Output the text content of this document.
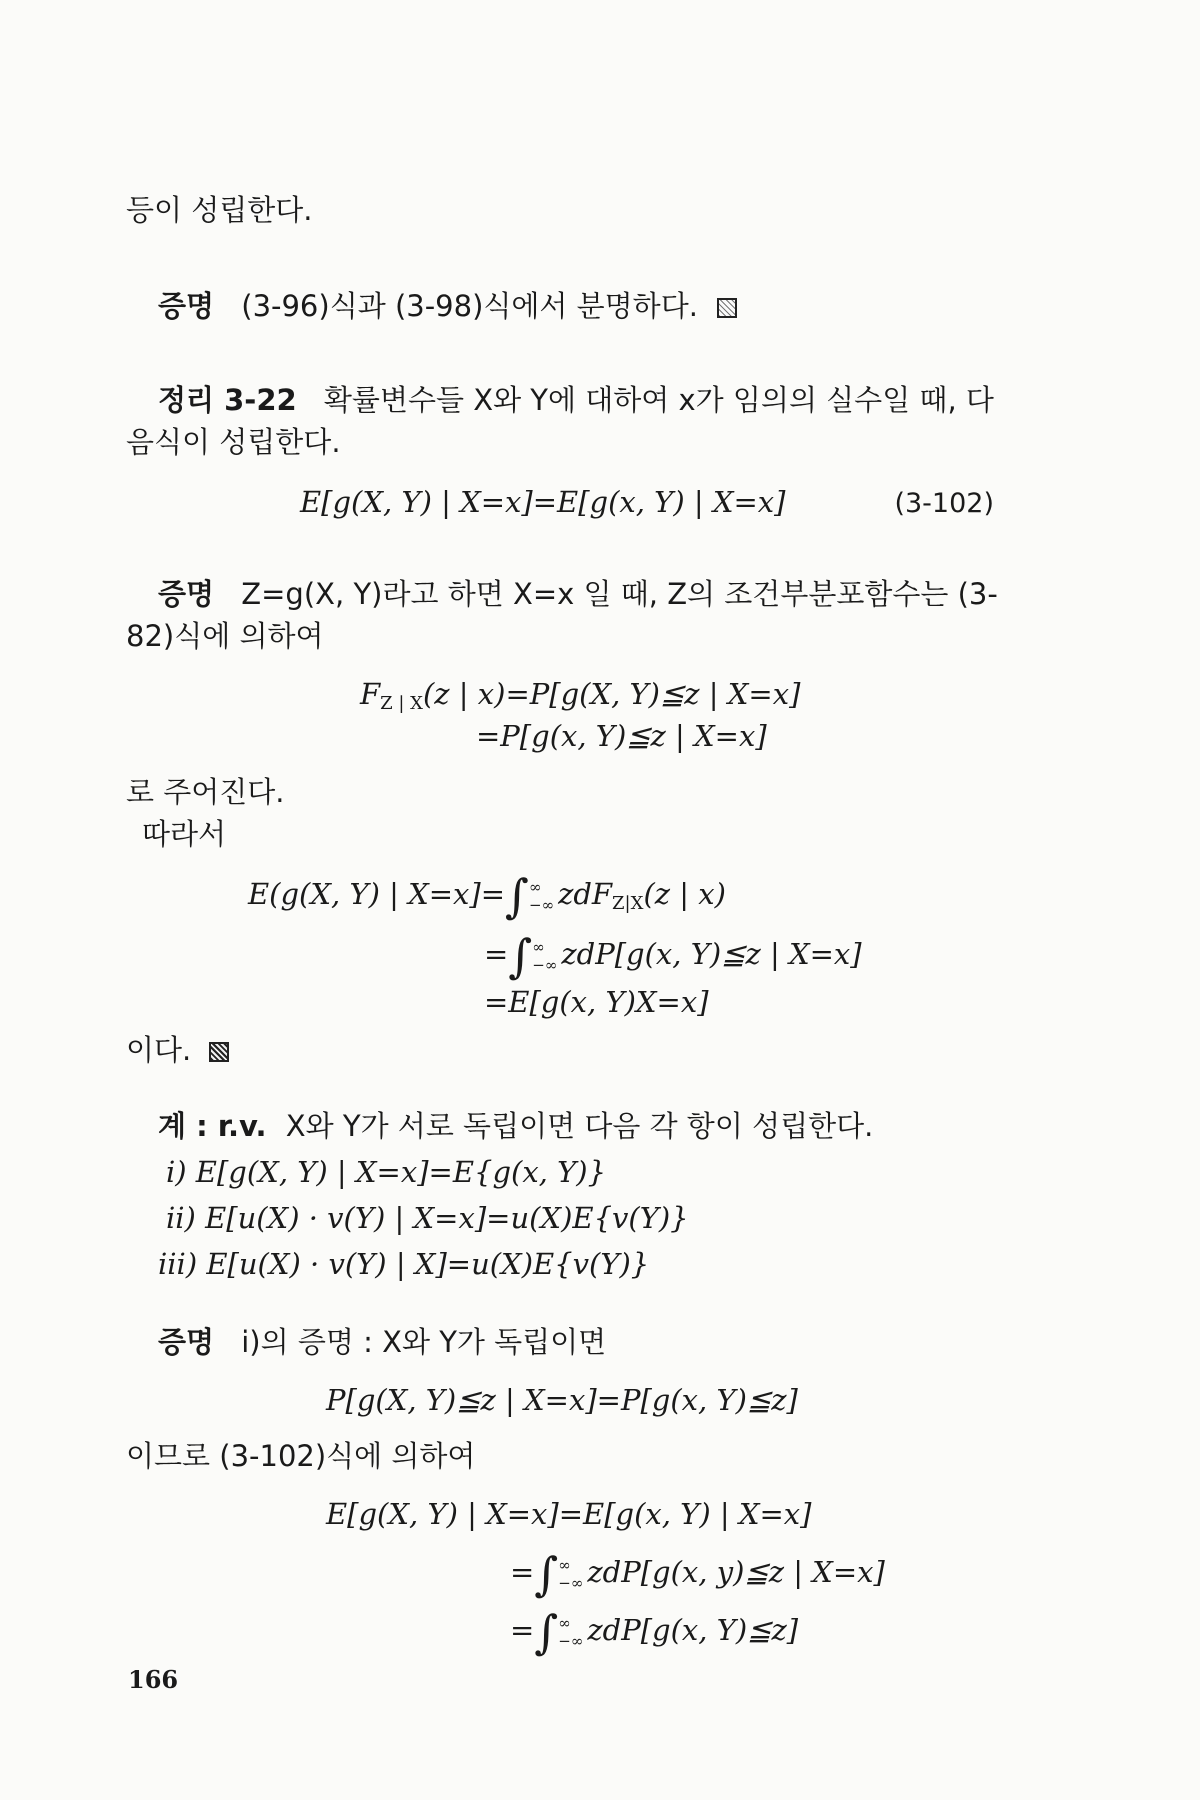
등이 성립한다.
증명 (3-96)식과 (3-98)식에서 분명하다.
정리 3-22 확률변수들 X와 Y에 대하여 x가 임의의 실수일 때, 다
음식이 성립한다.
E[g(X, Y) | X=x]=E[g(x, Y) | X=x]	(3-102)
증명 Z=g(X, Y)라고 하면 X=x 일 때, Z의 조건부분포함수는 (3-
82)식에 의하여
$F_{Z | X}(z$ | x)=P[g(X, Y)≦z | X=x]
=P[g(x, Y)≦z | X=x]
로 주어진다.
따라서
E(g(X, Y) | X=x]=∫ ∞
−∞ zdF$_{Z|X}$(z | x)
=∫ ∞
−∞ zdP[g(x, Y)≦z | X=x]
=E[g(x, Y)X=x]
이다.
계 : r.v. X와 Y가 서로 독립이면 다음 각 항이 성립한다.
i) E[g(X, Y) | X=x]=E{g(x, Y)}
ii) E[u(X) · v(Y) | X=x]=u(X)E{v(Y)}
iii) E[u(X) · v(Y) | X]=u(X)E{v(Y)}
증명 i)의 증명 : X와 Y가 독립이면
P[g(X, Y)≦z | X=x]=P[g(x, Y)≦z]
이므로 (3-102)식에 의하여
E[g(X, Y) | X=x]=E[g(x, Y) | X=x]
=∫ ∞
−∞ zdP[g(x, y)≦z | X=x]
=∫ ∞
−∞ zdP[g(x, Y)≦z]
166
